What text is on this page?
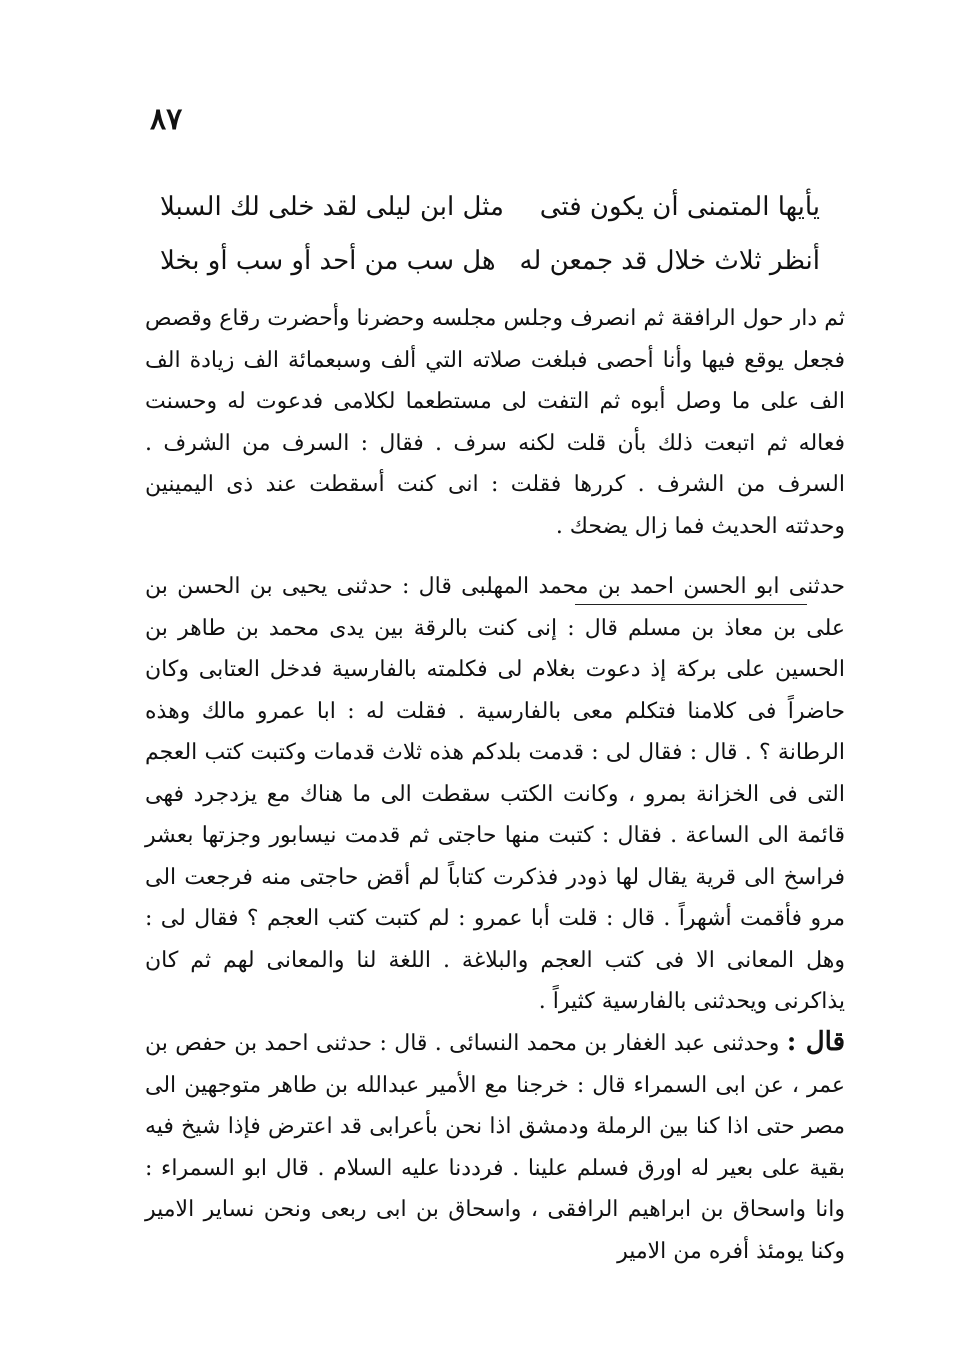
٨٧
يأيها المتمنى أن يكون فتى
مثل ابن ليلى لقد خلى لك السبلا
أنظر ثلاث خلال قد جمعن له
هل سب من أحد أو سب أو بخلا

ثم دار حول الرافقة ثم انصرف وجلس مجلسه وحضرنا وأحضرت رقاع وقصص فجعل يوقع فيها وأنا أحصى فبلغت صلاته التي ألف وسبعمائة الف زيادة الف الف على ما وصل أبوه ثم التفت لى مستطعما لكلامى فدعوت له وحسنت فعاله ثم اتبعت ذلك بأن قلت لكنه سرف . فقال : السرف من الشرف . السرف من الشرف . كررها فقلت : انى كنت أسقطت عند ذى اليمينين وحدثته الحديث فما زال يضحك .

حدثنى ابو الحسن احمد بن محمد المهلبى قال : حدثنى يحيى بن الحسن بن على بن معاذ بن مسلم قال : إنى كنت بالرقة بين يدى محمد بن طاهر بن الحسين على بركة إذ دعوت بغلام لى فكلمته بالفارسية فدخل العتابى وكان حاضراً فى كلامنا فتكلم معى بالفارسية . فقلت له : ابا عمرو مالك وهذه الرطانة ؟ . قال : فقال لى : قدمت بلدكم هذه ثلاث قدمات وكتبت كتب العجم التى فى الخزانة بمرو ، وكانت الكتب سقطت الى ما هناك مع يزدجرد فهى قائمة الى الساعة . فقال : كتبت منها حاجتى ثم قدمت نيسابور وجزتها بعشر فراسخ الى قرية يقال لها ذودر فذكرت كتاباً لم أقض حاجتى منه فرجعت الى مرو فأقمت أشهراً . قال : قلت أبا عمرو : لم كتبت كتب العجم ؟ فقال لى : وهل المعانى الا فى كتب العجم والبلاغة . اللغة لنا والمعانى لهم ثم كان يذاكرنى ويحدثنى بالفارسية كثيراً .

قال : وحدثنى عبد الغفار بن محمد النسائى . قال : حدثنى احمد بن حفص بن عمر ، عن ابى السمراء قال : خرجنا مع الأمير عبدالله بن طاهر متوجهين الى مصر حتى اذا كنا بين الرملة ودمشق اذا نحن بأعرابى قد اعترض فإذا شيخ فيه بقية على بعير له اورق فسلم علينا . فرددنا عليه السلام . قال ابو السمراء : وانا واسحاق بن ابراهيم الرافقى ، واسحاق بن ابى ربعى ونحن نساير الامير وكنا يومئذ أفره من الامير
